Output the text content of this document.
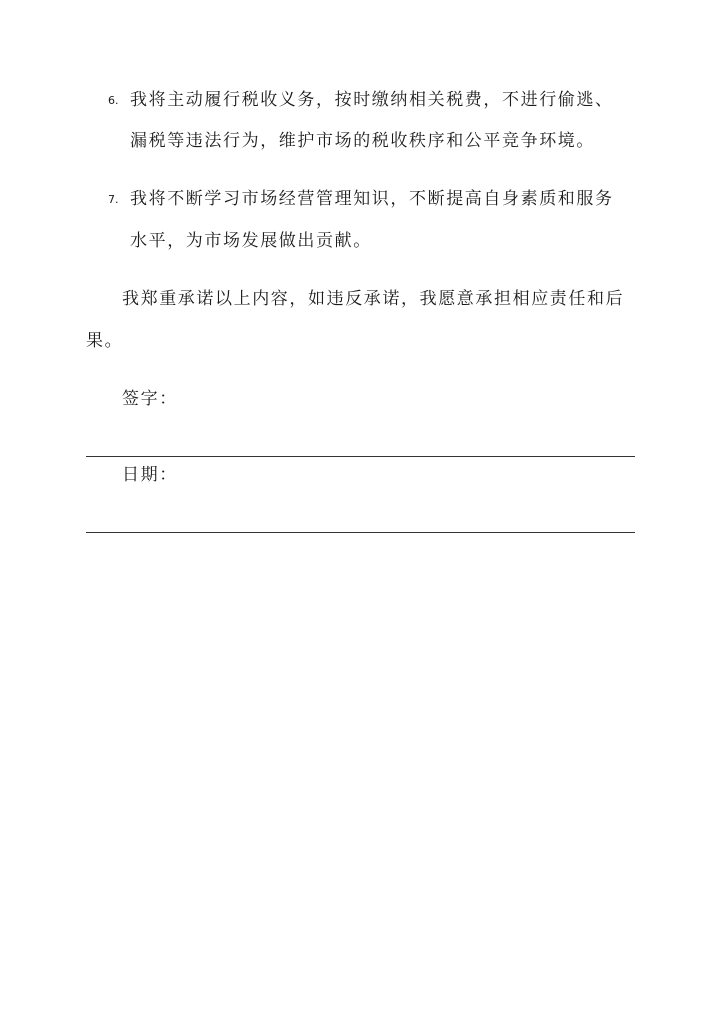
6. 我将主动履行税收义务，按时缴纳相关税费，不进行偷逃、
漏税等违法行为，维护市场的税收秩序和公平竞争环境。
7. 我将不断学习市场经营管理知识，不断提高自身素质和服务
水平，为市场发展做出贡献。
我郑重承诺以上内容，如违反承诺，我愿意承担相应责任和后
果。
签字：
日期：
